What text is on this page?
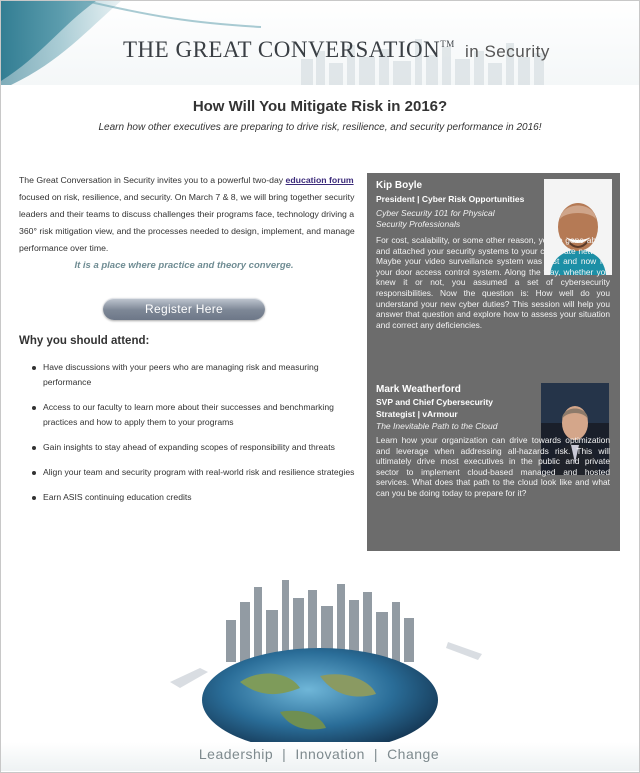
THE GREAT CONVERSATION™ in Security
How Will You Mitigate Risk in 2016?
Learn how other executives are preparing to drive risk, resilience, and security performance in 2016!
The Great Conversation in Security invites you to a powerful two-day education forum focused on risk, resilience, and security. On March 7 & 8, we will bring together security leaders and their teams to discuss challenges their programs face, technology driving a 360° risk mitigation view, and the processes needed to design, implement, and manage performance over time.
It is a place where practice and theory converge.
Register Here
Why you should attend:
Have discussions with your peers who are managing risk and measuring performance
Access to our faculty to learn more about their successes and benchmarking practices and how to apply them to your programs
Gain insights to stay ahead of expanding scopes of responsibility and threats
Align your team and security program with real-world risk and resilience strategies
Earn ASIS continuing education credits
Kip Boyle
President | Cyber Risk Opportunities
Cyber Security 101 for Physical Security Professionals
For cost, scalability, or some other reason, you've gone ahead and attached your security systems to your corporate network. Maybe your video surveillance system was first and now it's your door access control system. Along the way, whether you knew it or not, you assumed a set of cybersecurity responsibilities. Now the question is: How well do you understand your new cyber duties? This session will help you answer that question and explore how to assess your situation and correct any deficiencies.
Mark Weatherford
SVP and Chief Cybersecurity Strategist | vArmour
The Inevitable Path to the Cloud
Learn how your organization can drive towards optimization and leverage when addressing all-hazards risk. This will ultimately drive most executives in the public and private sector to implement cloud-based managed and hosted services. What does that path to the cloud look like and what can you be doing today to prepare for it?
Leadership | Innovation | Change
